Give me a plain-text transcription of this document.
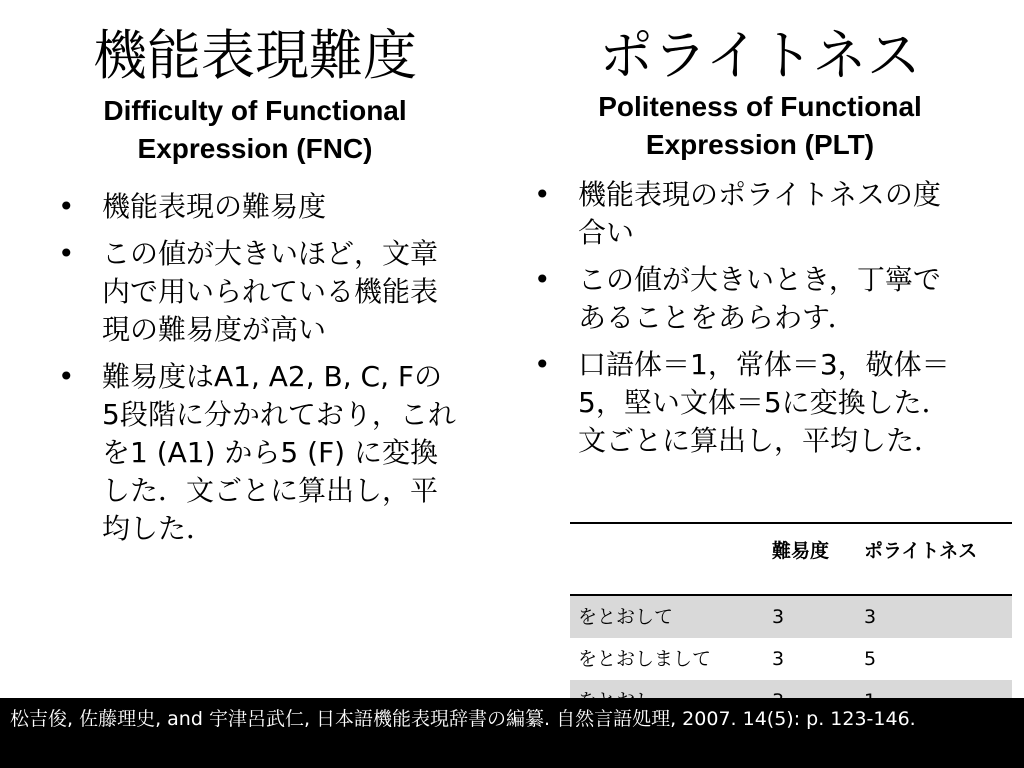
機能表現難度
Difficulty of Functional Expression (FNC)
• 機能表現の難易度
• この値が大きいほど，文章内で用いられている機能表現の難易度が高い
• 難易度はA1, A2, B, C, Fの5段階に分かれており，これを1 (A1) から5 (F) に変換した．文ごとに算出し，平均した．
ポライトネス
Politeness of Functional Expression (PLT)
• 機能表現のポライトネスの度合い
• この値が大きいとき，丁寧であることをあらわす．
• 口語体＝1，常体＝3，敬体＝5，堅い文体＝5に変換した．文ごとに算出し，平均した．
	難易度	ポライトネス
をとおして	3	3
をとおしまして	3	5

松吉俊, 佐藤理史, and 宇津呂武仁, 日本語機能表現辞書の編纂. 自然言語処理, 2007. 14(5): p. 123-146.
